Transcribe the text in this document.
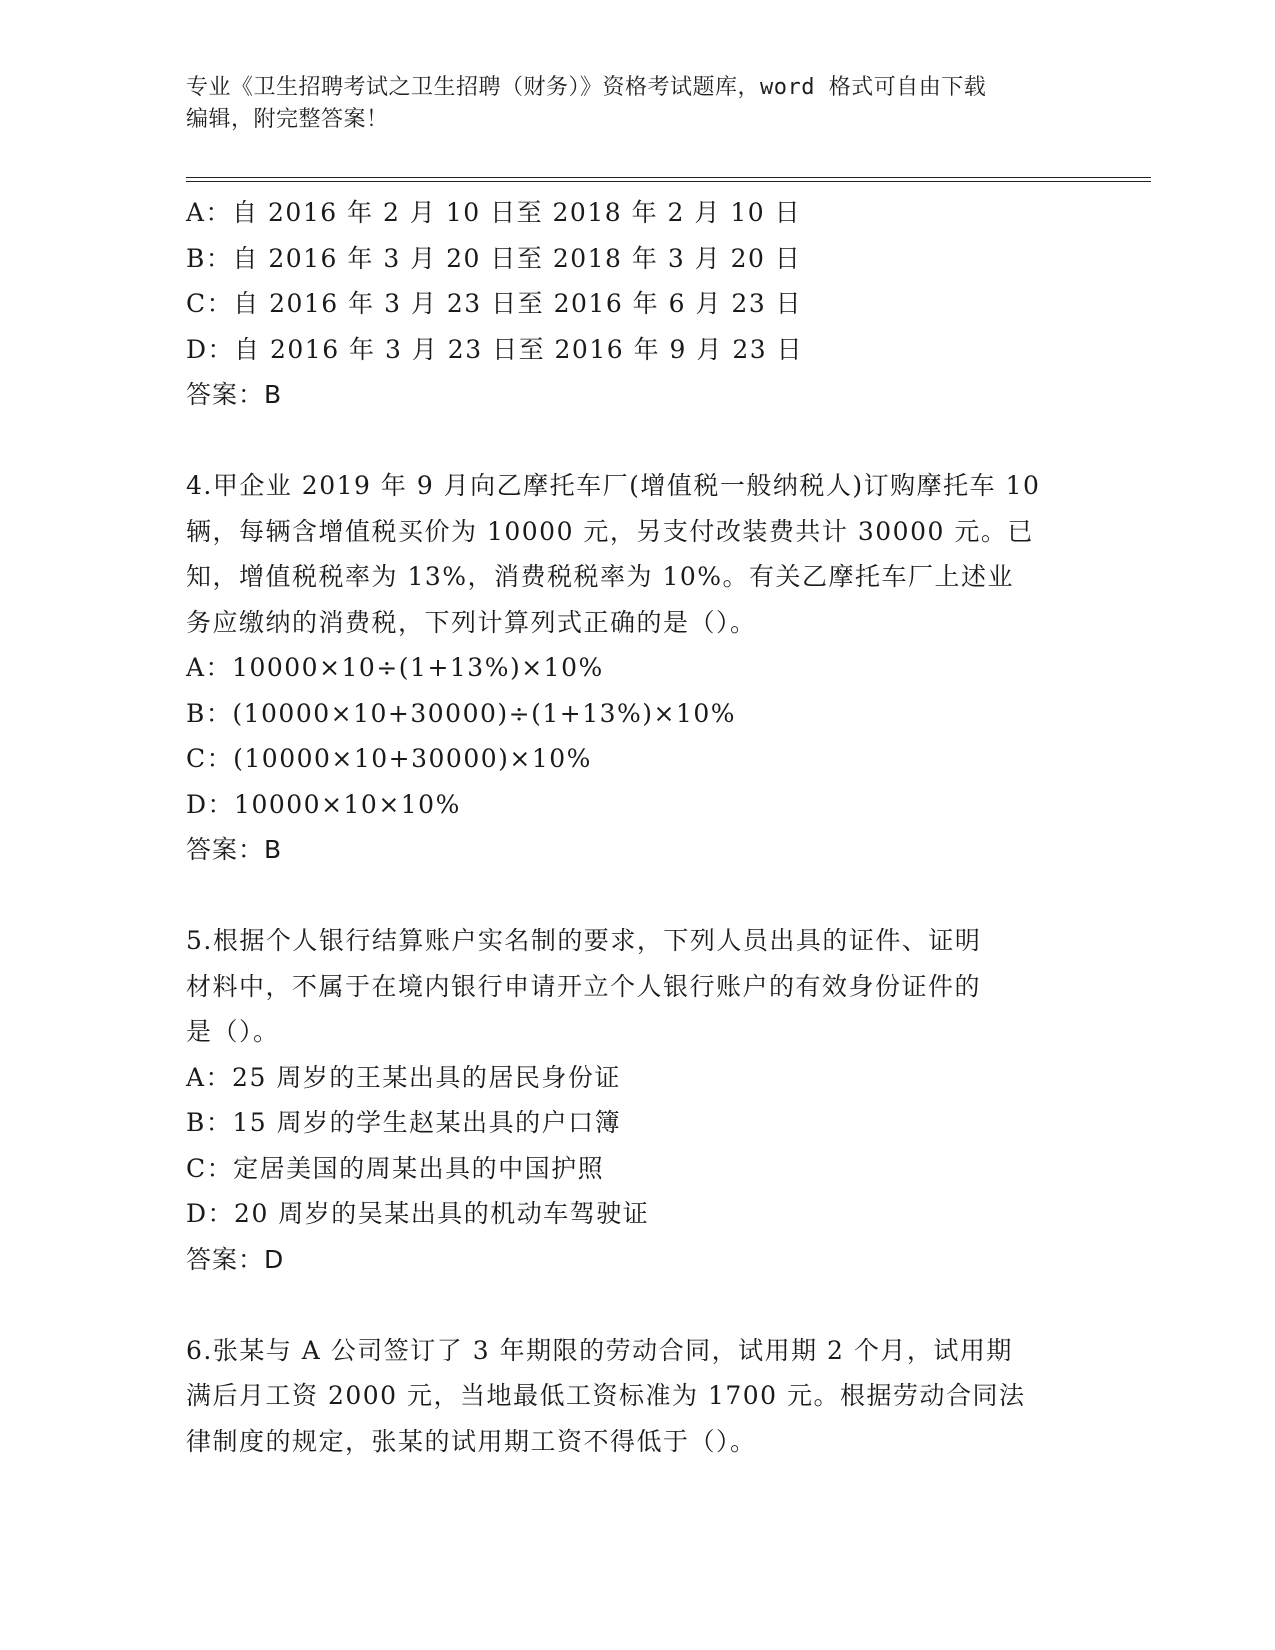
专业《卫生招聘考试之卫生招聘（财务）》资格考试题库，word 格式可自由下载
编辑，附完整答案！
A：自 2016 年 2 月 10 日至 2018 年 2 月 10 日
B：自 2016 年 3 月 20 日至 2018 年 3 月 20 日
C：自 2016 年 3 月 23 日至 2016 年 6 月 23 日
D：自 2016 年 3 月 23 日至 2016 年 9 月 23 日
答案：B
4.甲企业 2019 年 9 月向乙摩托车厂(增值税一般纳税人)订购摩托车 10
辆，每辆含增值税买价为 10000 元，另支付改装费共计 30000 元。已
知，增值税税率为 13%，消费税税率为 10%。有关乙摩托车厂上述业
务应缴纳的消费税，下列计算列式正确的是（）。
A：10000×10÷(1+13%)×10%
B：(10000×10+30000)÷(1+13%)×10%
C：(10000×10+30000)×10%
D：10000×10×10%
答案：B
5.根据个人银行结算账户实名制的要求，下列人员出具的证件、证明
材料中，不属于在境内银行申请开立个人银行账户的有效身份证件的
是（）。
A：25 周岁的王某出具的居民身份证
B：15 周岁的学生赵某出具的户口簿
C：定居美国的周某出具的中国护照
D：20 周岁的吴某出具的机动车驾驶证
答案：D
6.张某与 A 公司签订了 3 年期限的劳动合同，试用期 2 个月，试用期
满后月工资 2000 元，当地最低工资标准为 1700 元。根据劳动合同法
律制度的规定，张某的试用期工资不得低于（）。
